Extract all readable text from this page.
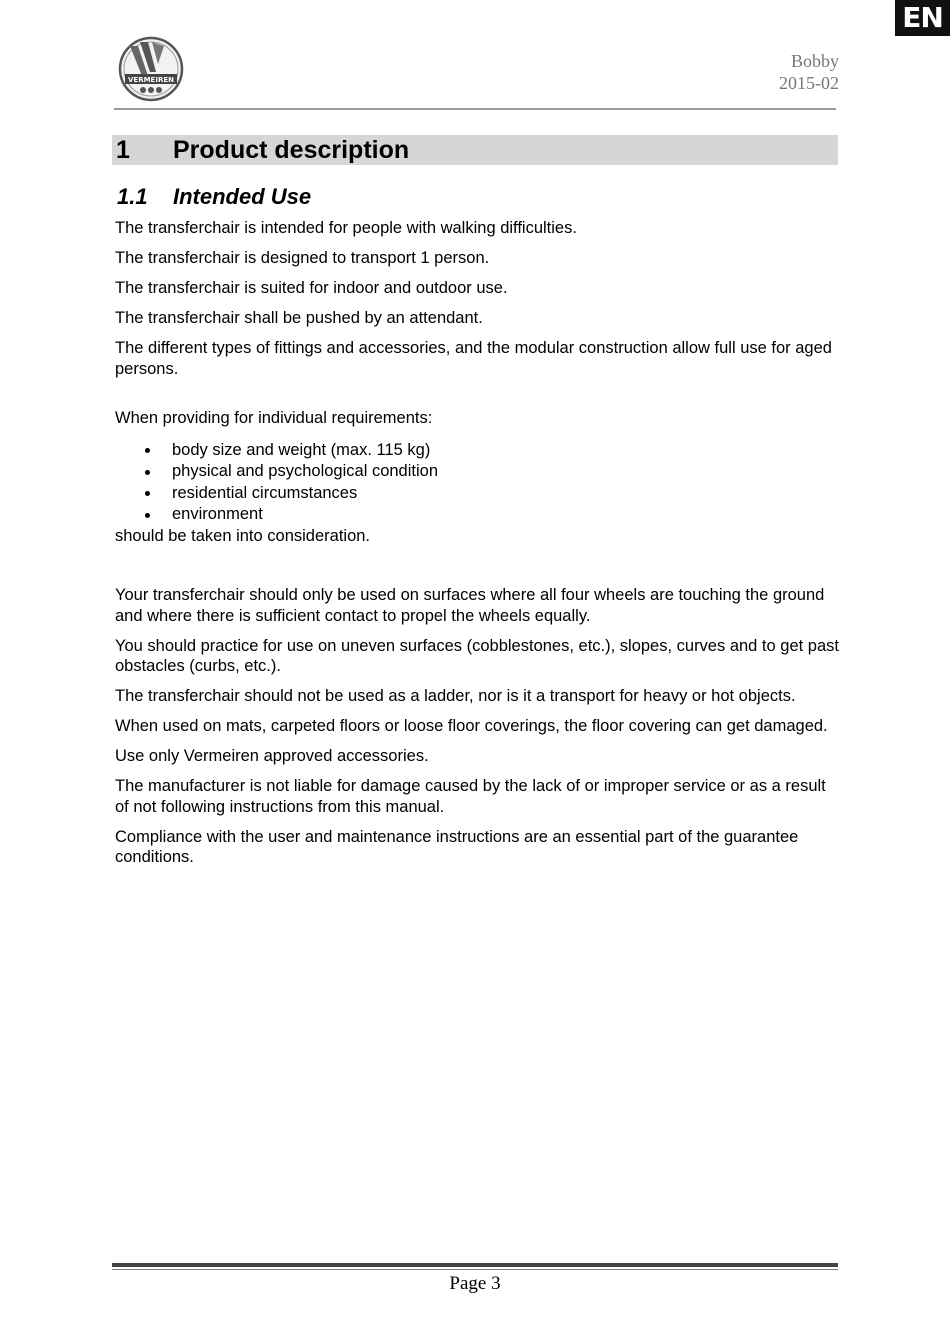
EN
VERMEIREN
Bobby
2015-02
1 Product description
1.1 Intended Use

The transferchair is intended for people with walking difficulties.

The transferchair is designed to transport 1 person.

The transferchair is suited for indoor and outdoor use.

The transferchair shall be pushed by an attendant.

The different types of fittings and accessories, and the modular construction allow full use for aged persons.

When providing for individual requirements:

body size and weight (max. 115 kg)
physical and psychological condition
residential circumstances
environment

should be taken into consideration.

Your transferchair should only be used on surfaces where all four wheels are touching the ground and where there is sufficient contact to propel the wheels equally.

You should practice for use on uneven surfaces (cobblestones, etc.), slopes, curves and to get past obstacles (curbs, etc.).

The transferchair should not be used as a ladder, nor is it a transport for heavy or hot objects.

When used on mats, carpeted floors or loose floor coverings, the floor covering can get damaged.

Use only Vermeiren approved accessories.

The manufacturer is not liable for damage caused by the lack of or improper service or as a result of not following instructions from this manual.

Compliance with the user and maintenance instructions are an essential part of the guarantee conditions.

Page 3
